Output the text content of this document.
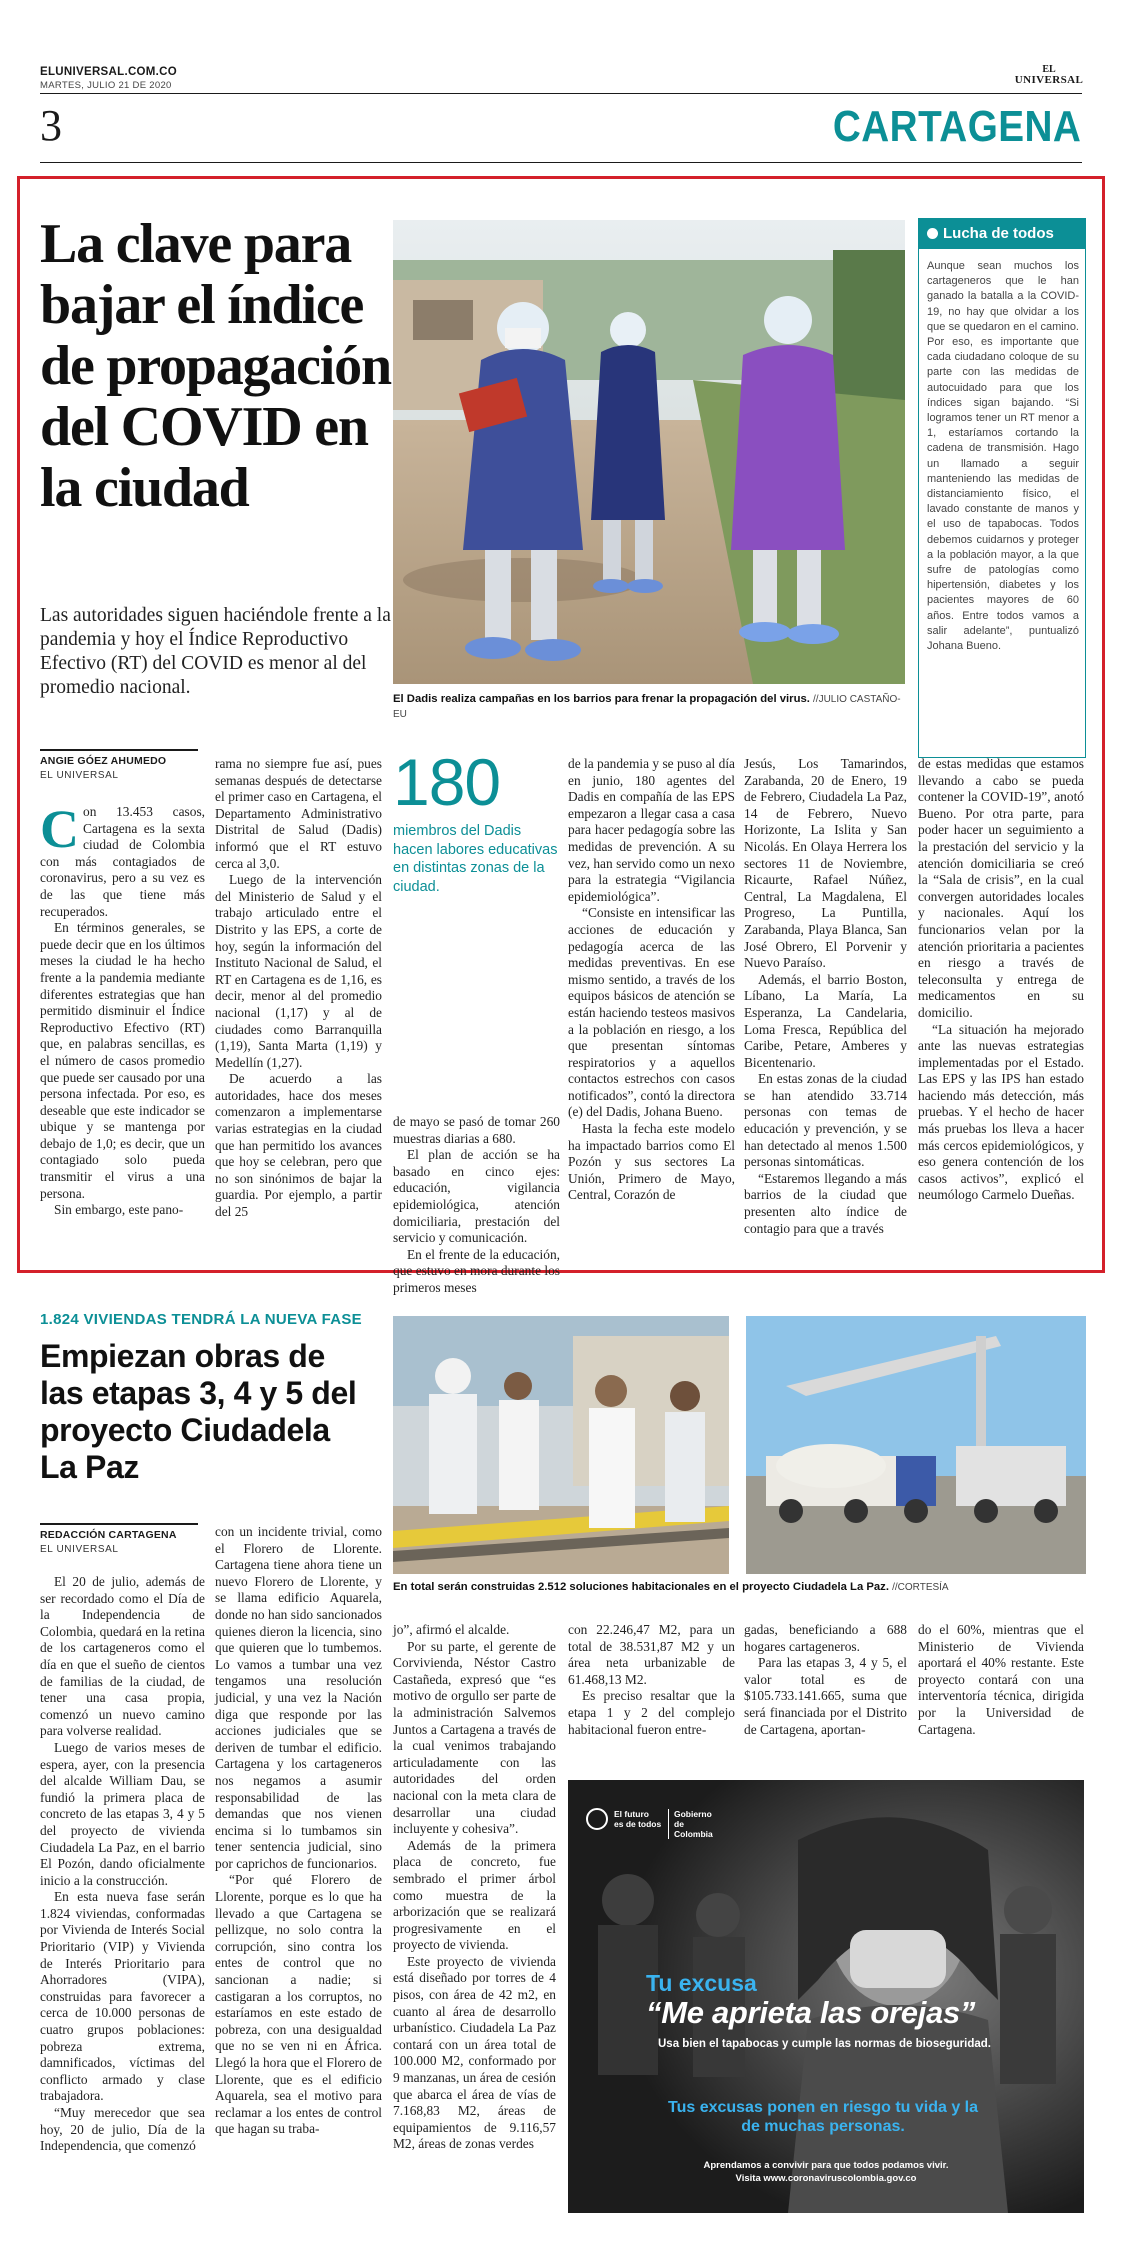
ELUNIVERSAL.COM.CO
MARTES, JULIO 21 DE 2020
EL
UNIVERSAL
3	CARTAGENA
La clave para bajar el índice de propagación del COVID en la ciudad
Las autoridades siguen haciéndole frente a la pandemia y hoy el Índice Reproductivo Efectivo (RT) del COVID es menor al del promedio nacional.
El Dadis realiza campañas en los barrios para frenar la propagación del virus. //JULIO CASTAÑO-EU
Lucha de todos
Aunque sean muchos los cartageneros que le han ganado la batalla a la COVID-19, no hay que olvidar a los que se quedaron en el camino. Por eso, es importante que cada ciudadano coloque de su parte con las medidas de autocuidado para que los índices sigan bajando. “Si logramos tener un RT menor a 1, estaríamos cortando la cadena de transmisión. Hago un llamado a seguir manteniendo las medidas de distanciamiento físico, el lavado constante de manos y el uso de tapabocas. Todos debemos cuidarnos y proteger a la población mayor, a la que sufre de patologías como hipertensión, diabetes y los pacientes mayores de 60 años. Entre todos vamos a salir adelante”, puntualizó Johana Bueno.
ANGIE GÓEZ AHUMEDO
EL UNIVERSAL

Con 13.453 casos, Cartagena es la sexta ciudad de Colombia con más contagiados de coronavirus, pero a su vez es de las que tiene más recuperados.

En términos generales, se puede decir que en los últimos meses la ciudad le ha hecho frente a la pandemia mediante diferentes estrategias que han permitido disminuir el Índice Reproductivo Efectivo (RT) que, en palabras sencillas, es el número de casos promedio que puede ser causado por una persona infectada. Por eso, es deseable que este indicador se ubique y se mantenga por debajo de 1,0; es decir, que un contagiado solo pueda transmitir el virus a una persona.

Sin embargo, este pano-

rama no siempre fue así, pues semanas después de detectarse el primer caso en Cartagena, el Departamento Administrativo Distrital de Salud (Dadis) informó que el RT estuvo cerca al 3,0.

Luego de la intervención del Ministerio de Salud y el trabajo articulado entre el Distrito y las EPS, a corte de hoy, según la información del Instituto Nacional de Salud, el RT en Cartagena es de 1,16, es decir, menor al del promedio nacional (1,17) y al de ciudades como Barranquilla (1,19), Santa Marta (1,19) y Medellín (1,27).

De acuerdo a las autoridades, hace dos meses comenzaron a implementarse varias estrategias en la ciudad que han permitido los avances que hoy se celebran, pero que no son sinónimos de bajar la guardia. Por ejemplo, a partir del 25

180
miembros del Dadis hacen labores educativas en distintas zonas de la ciudad.

de mayo se pasó de tomar 260 muestras diarias a 680.

El plan de acción se ha basado en cinco ejes: educación, vigilancia epidemiológica, atención domiciliaria, prestación del servicio y comunicación.

En el frente de la educación, que estuvo en mora durante los primeros meses

de la pandemia y se puso al día en junio, 180 agentes del Dadis en compañía de las EPS empezaron a llegar casa a casa para hacer pedagogía sobre las medidas de prevención. A su vez, han servido como un nexo para la estrategia “Vigilancia epidemiológica”.

“Consiste en intensificar las acciones de educación y pedagogía acerca de las medidas preventivas. En ese mismo sentido, a través de los equipos básicos de atención se están haciendo testeos masivos a la población en riesgo, a los que presentan síntomas respiratorios y a aquellos contactos estrechos con casos notificados”, contó la directora (e) del Dadis, Johana Bueno.

Hasta la fecha este modelo ha impactado barrios como El Pozón y sus sectores La Unión, Primero de Mayo, Central, Corazón de

Jesús, Los Tamarindos, Zarabanda, 20 de Enero, 19 de Febrero, Ciudadela La Paz, 14 de Febrero, Nuevo Horizonte, La Islita y San Nicolás. En Olaya Herrera los sectores 11 de Noviembre, Ricaurte, Rafael Núñez, Central, La Magdalena, El Progreso, La Puntilla, Zarabanda, Playa Blanca, San José Obrero, El Porvenir y Nuevo Paraíso.

Además, el barrio Boston, Líbano, La María, La Esperanza, La Candelaria, Loma Fresca, República del Caribe, Petare, Amberes y Bicentenario.

En estas zonas de la ciudad se han atendido 33.714 personas con temas de educación y prevención, y se han detectado al menos 1.500 personas sintomáticas.

“Estaremos llegando a más barrios de la ciudad que presenten alto índice de contagio para que a través

de estas medidas que estamos llevando a cabo se pueda contener la COVID-19”, anotó Bueno. Por otra parte, para poder hacer un seguimiento a la prestación del servicio y la atención domiciliaria se creó la “Sala de crisis”, en la cual convergen autoridades locales y nacionales. Aquí los funcionarios velan por la atención prioritaria a pacientes en riesgo a través de teleconsulta y entrega de medicamentos en su domicilio.

“La situación ha mejorado ante las nuevas estrategias implementadas por el Estado. Las EPS y las IPS han estado haciendo más detección, más pruebas. Y el hecho de hacer más pruebas los lleva a hacer más cercos epidemiológicos, y eso genera contención de los casos activos”, explicó el neumólogo Carmelo Dueñas.

1.824 VIVIENDAS TENDRÁ LA NUEVA FASE
Empiezan obras de las etapas 3, 4 y 5 del proyecto Ciudadela La Paz
En total serán construidas 2.512 soluciones habitacionales en el proyecto Ciudadela La Paz. //CORTESÍA
REDACCIÓN CARTAGENA
EL UNIVERSAL

El 20 de julio, además de ser recordado como el Día de la Independencia de Colombia, quedará en la retina de los cartageneros como el día en que el sueño de cientos de familias de la ciudad, de tener una casa propia, comenzó un nuevo camino para volverse realidad.

Luego de varios meses de espera, ayer, con la presencia del alcalde William Dau, se fundió la primera placa de concreto de las etapas 3, 4 y 5 del proyecto de vivienda Ciudadela La Paz, en el barrio El Pozón, dando oficialmente inicio a la construcción.

En esta nueva fase serán 1.824 viviendas, conformadas por Vivienda de Interés Social Prioritario (VIP) y Vivienda de Interés Prioritario para Ahorradores (VIPA), construidas para favorecer a cerca de 10.000 personas de cuatro grupos poblaciones: pobreza extrema, damnificados, víctimas del conflicto armado y clase trabajadora.

“Muy merecedor que sea hoy, 20 de julio, Día de la Independencia, que comenzó

con un incidente trivial, como el Florero de Llorente. Cartagena tiene ahora tiene un nuevo Florero de Llorente, y se llama edificio Aquarela, donde no han sido sancionados quienes dieron la licencia, sino que quieren que lo tumbemos. Lo vamos a tumbar una vez tengamos una resolución judicial, y una vez la Nación diga que responde por las acciones judiciales que se deriven de tumbar el edificio. Cartagena y los cartageneros nos negamos a asumir responsabilidad de las demandas que nos vienen encima si lo tumbamos sin tener sentencia judicial, sino por caprichos de funcionarios.

“Por qué Florero de Llorente, porque es lo que ha llevado a que Cartagena se pellizque, no solo contra la corrupción, sino contra los entes de control que no sancionan a nadie; si castigaran a los corruptos, no estaríamos en este estado de pobreza, con una desigualdad que no se ven ni en África. Llegó la hora que el Florero de Llorente, que es el edificio Aquarela, sea el motivo para reclamar a los entes de control que hagan su traba-

jo”, afirmó el alcalde.

Por su parte, el gerente de Corvivienda, Néstor Castro Castañeda, expresó que “es motivo de orgullo ser parte de la administración Salvemos Juntos a Cartagena a través de la cual venimos trabajando articuladamente con las autoridades del orden nacional con la meta clara de desarrollar una ciudad incluyente y cohesiva”.

Además de la primera placa de concreto, fue sembrado el primer árbol como muestra de la arborización que se realizará progresivamente en el proyecto de vivienda.

Este proyecto de vivienda está diseñado por torres de 4 pisos, con área de 42 m2, en cuanto al área de desarrollo urbanístico. Ciudadela La Paz contará con un área total de 100.000 M2, conformado por 9 manzanas, un área de cesión que abarca el área de vías de 7.168,83 M2, áreas de equipamientos de 9.116,57 M2, áreas de zonas verdes

con 22.246,47 M2, para un total de 38.531,87 M2 y un área neta urbanizable de 61.468,13 M2.

Es preciso resaltar que la etapa 1 y 2 del complejo habitacional fueron entre-

gadas, beneficiando a 688 hogares cartageneros.

Para las etapas 3, 4 y 5, el valor total es de $105.733.141.665, suma que será financiada por el Distrito de Cartagena, aportan-

do el 60%, mientras que el Ministerio de Vivienda aportará el 40% restante. Este proyecto contará con una interventoría técnica, dirigida por la Universidad de Cartagena.

El futuro
es de todos
Gobierno
de Colombia
Tu excusa
“Me aprieta las orejas”
Usa bien el tapabocas y cumple las normas de bioseguridad.
Tus excusas ponen en riesgo tu vida y la de muchas personas.
Aprendamos a convivir para que todos podamos vivir.
Visita www.coronaviruscolombia.gov.co
